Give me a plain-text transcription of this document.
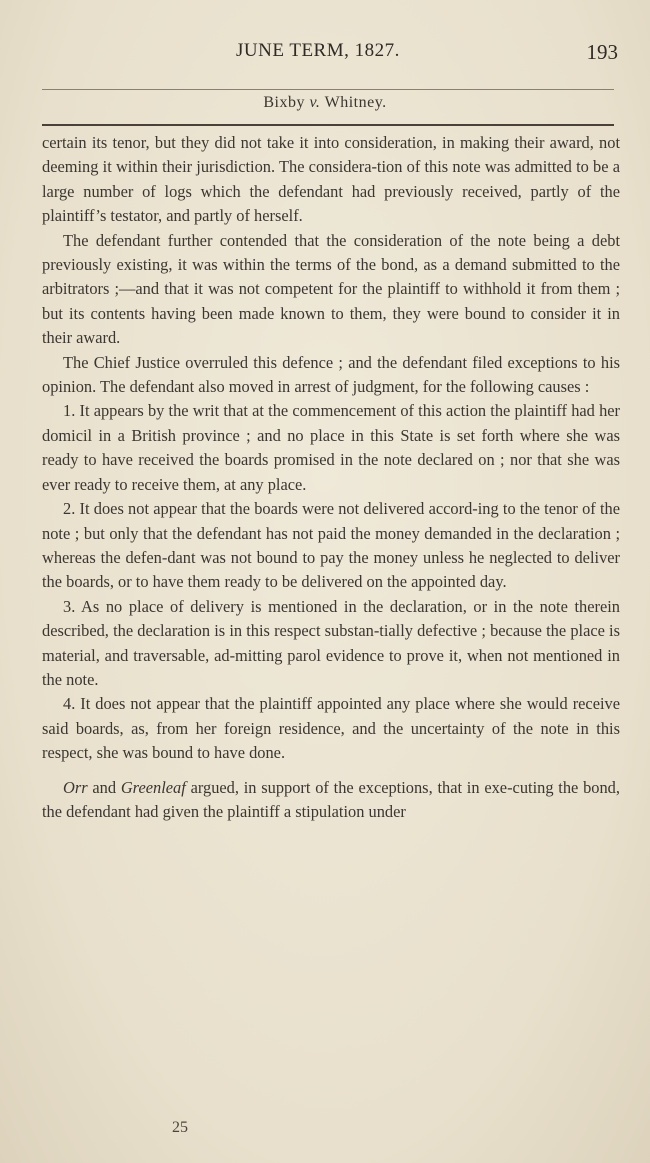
JUNE TERM, 1827.	193
Bixby v. Whitney.

certain its tenor, but they did not take it into consideration, in making their award, not deeming it within their jurisdiction. The considera-tion of this note was admitted to be a large number of logs which the defendant had previously received, partly of the plaintiff’s testator, and partly of herself.

The defendant further contended that the consideration of the note being a debt previously existing, it was within the terms of the bond, as a demand submitted to the arbitrators ;—and that it was not competent for the plaintiff to withhold it from them ; but its contents having been made known to them, they were bound to consider it in their award.

The Chief Justice overruled this defence ; and the defendant filed exceptions to his opinion. The defendant also moved in arrest of judgment, for the following causes :

1. It appears by the writ that at the commencement of this action the plaintiff had her domicil in a British province ; and no place in this State is set forth where she was ready to have received the boards promised in the note declared on ; nor that she was ever ready to receive them, at any place.

2. It does not appear that the boards were not delivered accord-ing to the tenor of the note ; but only that the defendant has not paid the money demanded in the declaration ; whereas the defen-dant was not bound to pay the money unless he neglected to deliver the boards, or to have them ready to be delivered on the appointed day.

3. As no place of delivery is mentioned in the declaration, or in the note therein described, the declaration is in this respect substan-tially defective ; because the place is material, and traversable, ad-mitting parol evidence to prove it, when not mentioned in the note.

4. It does not appear that the plaintiff appointed any place where she would receive said boards, as, from her foreign residence, and the uncertainty of the note in this respect, she was bound to have done.

Orr and Greenleaf argued, in support of the exceptions, that in exe-cuting the bond, the defendant had given the plaintiff a stipulation under

25
